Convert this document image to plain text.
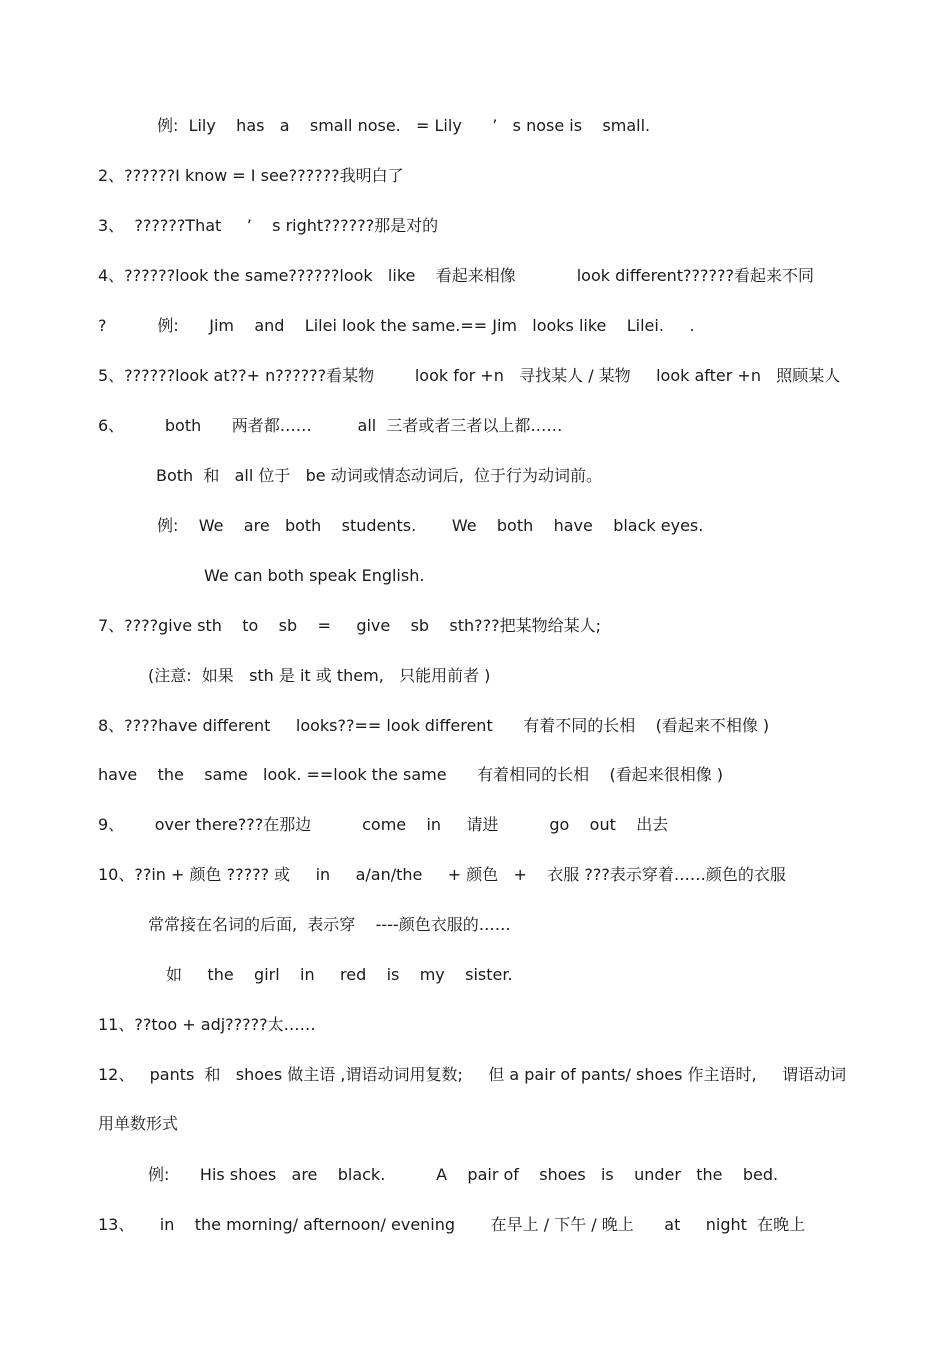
例:  Lily    has   a    small nose.   = Lily      ’   s nose is    small.
2、??????I know = I see??????我明白了
3、  ??????That     ’    s right??????那是对的
4、??????look the same??????look   like    看起来相像            look different??????看起来不同
?          例:      Jim    and    Lilei look the same.== Jim   looks like    Lilei.     .
5、??????look at??+ n??????看某物        look for +n   寻找某人 / 某物     look after +n   照顾某人
6、        both      两者都……         all  三者或者三者以上都……
Both  和   all 位于   be 动词或情态动词后,  位于行为动词前。
例:    We    are   both    students.       We    both    have    black eyes.
We can both speak English.
7、????give sth    to    sb    =     give    sb    sth???把某物给某人;
(注意:  如果   sth 是 it 或 them,   只能用前者 )
8、????have different     looks??== look different      有着不同的长相    (看起来不相像 )
have    the    same   look. ==look the same      有着相同的长相    (看起来很相像 )
9、      over there???在那边          come    in     请进          go    out    出去
10、??in + 颜色 ????? 或     in     a/an/the     + 颜色   +    衣服 ???表示穿着……颜色的衣服
常常接在名词的后面,  表示穿    ----颜色衣服的……
如     the    girl    in     red    is    my    sister.
11、??too + adj?????太……
12、   pants  和   shoes 做主语 ,谓语动词用复数;     但 a pair of pants/ shoes 作主语时,     谓语动词
用单数形式
例:      His shoes   are    black.          A    pair of    shoes   is    under   the    bed.
13、     in    the morning/ afternoon/ evening       在早上 / 下午 / 晚上      at     night  在晚上
